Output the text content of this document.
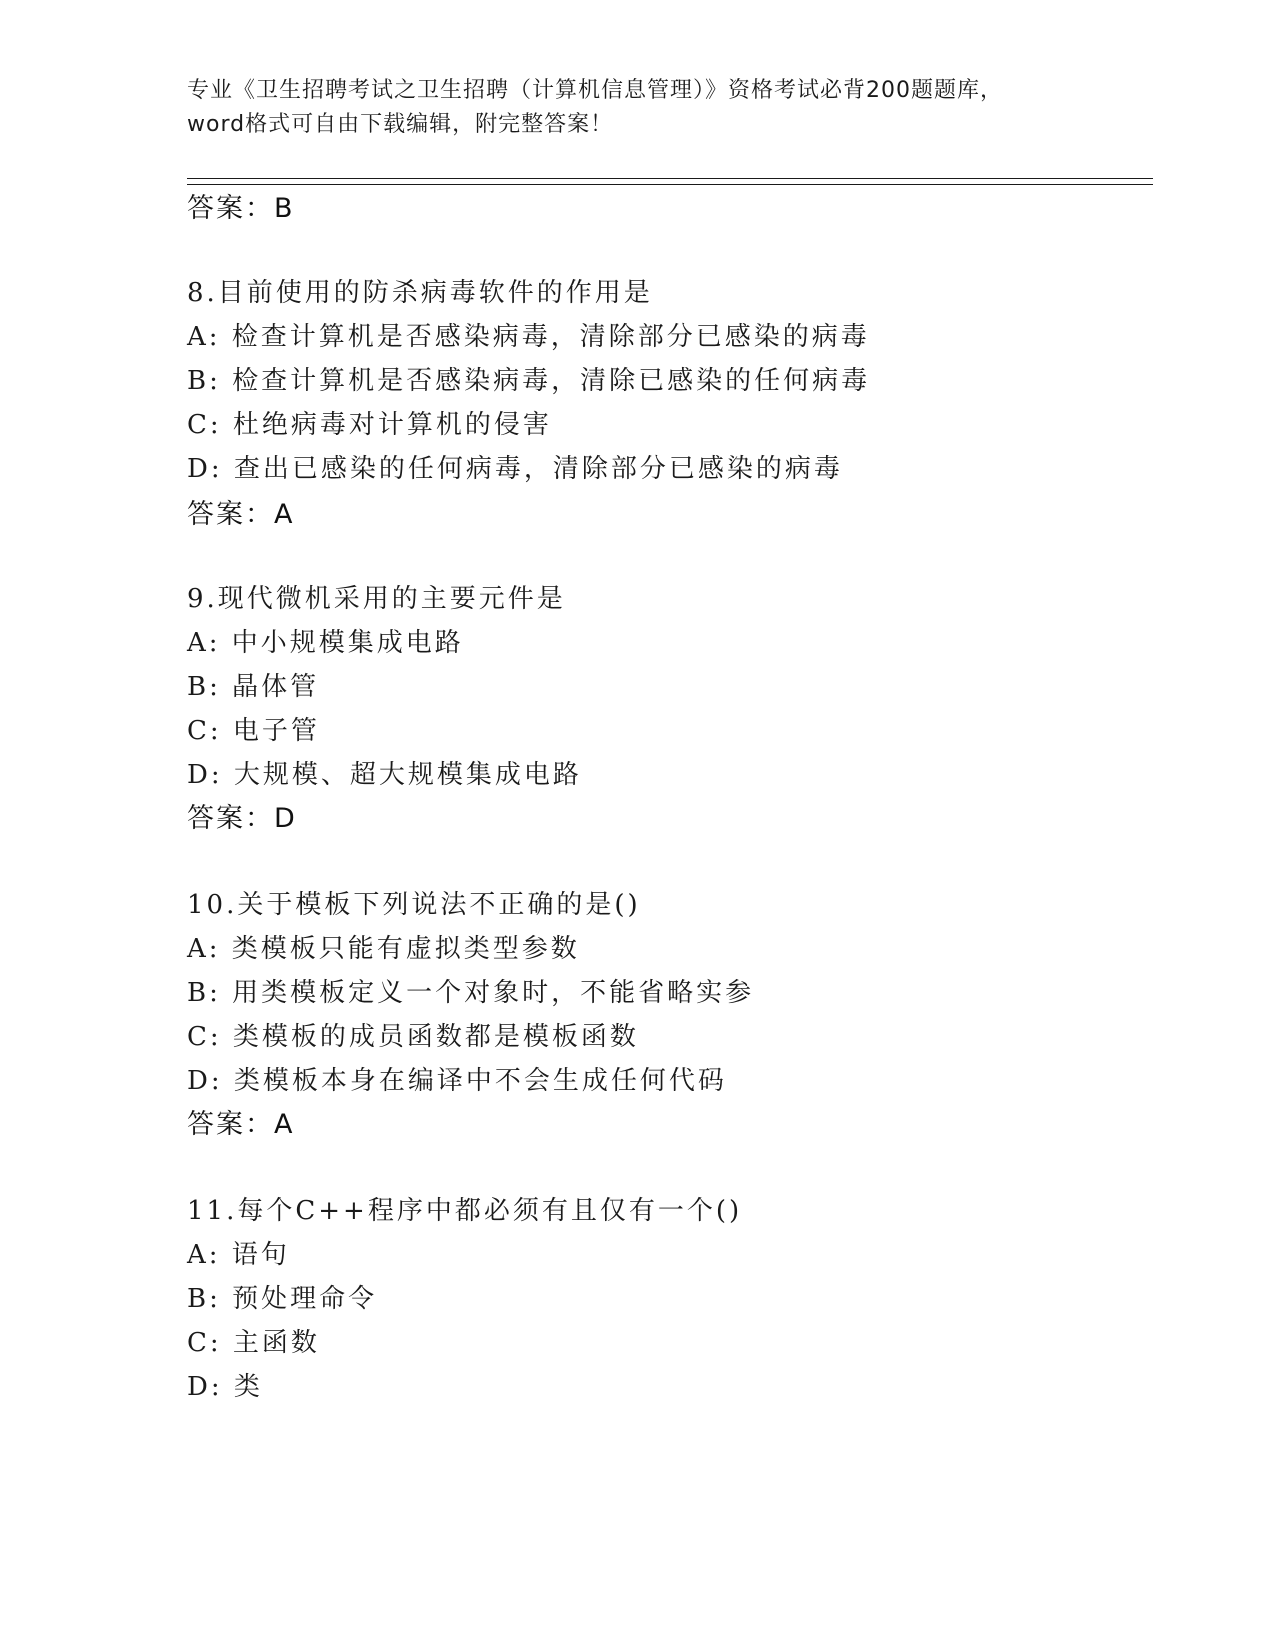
专业《卫生招聘考试之卫生招聘（计算机信息管理）》资格考试必背200题题库，
word格式可自由下载编辑，附完整答案！
答案：B
8.目前使用的防杀病毒软件的作用是
A: 检查计算机是否感染病毒，清除部分已感染的病毒
B: 检查计算机是否感染病毒，清除已感染的任何病毒
C: 杜绝病毒对计算机的侵害
D: 查出已感染的任何病毒，清除部分已感染的病毒
答案：A
9.现代微机采用的主要元件是
A: 中小规模集成电路
B: 晶体管
C: 电子管
D: 大规模、超大规模集成电路
答案：D
10.关于模板下列说法不正确的是()
A: 类模板只能有虚拟类型参数
B: 用类模板定义一个对象时，不能省略实参
C: 类模板的成员函数都是模板函数
D: 类模板本身在编译中不会生成任何代码
答案：A
11.每个C++程序中都必须有且仅有一个()
A: 语句
B: 预处理命令
C: 主函数
D: 类
